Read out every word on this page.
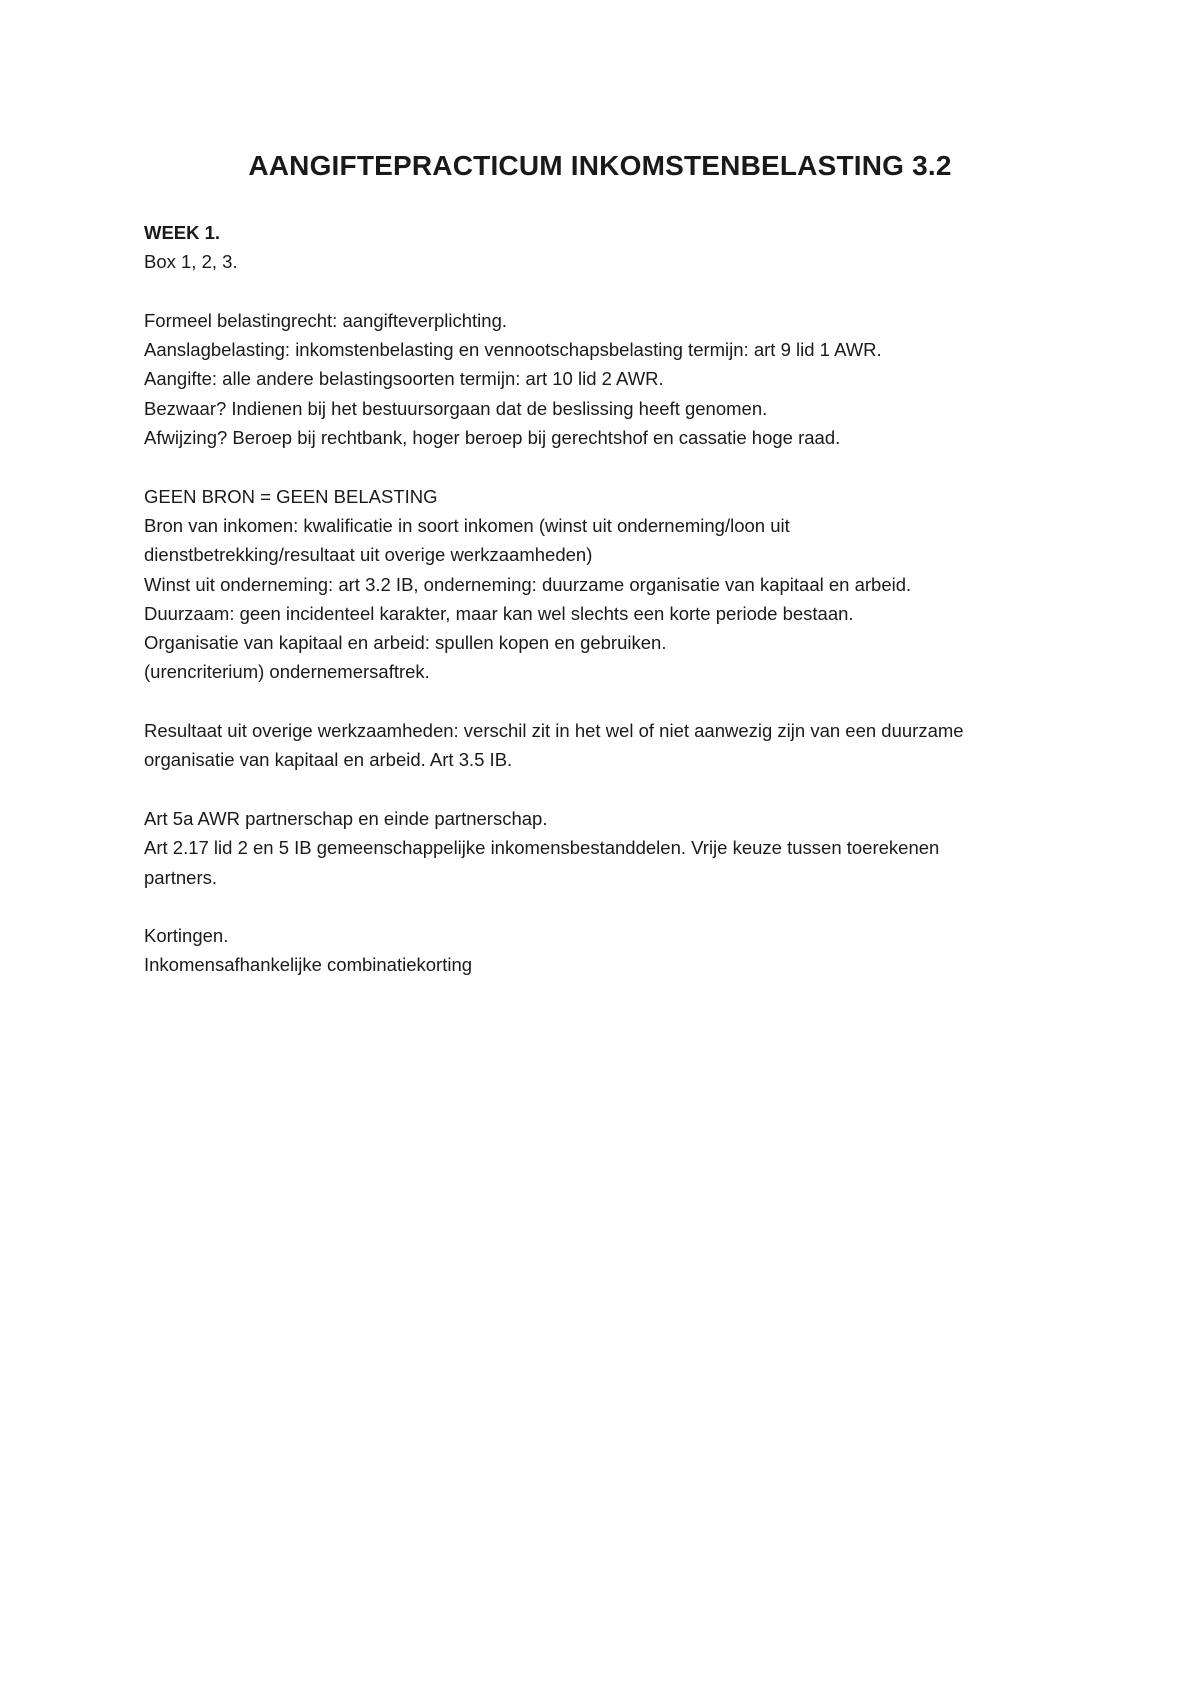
AANGIFTEPRACTICUM INKOMSTENBELASTING 3.2
WEEK 1.
Box 1, 2, 3.
Formeel belastingrecht: aangifteverplichting.
Aanslagbelasting: inkomstenbelasting en vennootschapsbelasting termijn: art 9 lid 1 AWR.
Aangifte: alle andere belastingsoorten termijn: art 10 lid 2 AWR.
Bezwaar? Indienen bij het bestuursorgaan dat de beslissing heeft genomen.
Afwijzing? Beroep bij rechtbank, hoger beroep bij gerechtshof en cassatie hoge raad.
GEEN BRON = GEEN BELASTING
Bron van inkomen: kwalificatie in soort inkomen (winst uit onderneming/loon uit
dienstbetrekking/resultaat uit overige werkzaamheden)
Winst uit onderneming: art 3.2 IB, onderneming: duurzame organisatie van kapitaal en arbeid.
Duurzaam: geen incidenteel karakter, maar kan wel slechts een korte periode bestaan.
Organisatie van kapitaal en arbeid: spullen kopen en gebruiken.
(urencriterium) ondernemersaftrek.
Resultaat uit overige werkzaamheden: verschil zit in het wel of niet aanwezig zijn van een duurzame
organisatie van kapitaal en arbeid. Art 3.5 IB.
Art 5a AWR partnerschap en einde partnerschap.
Art 2.17 lid 2 en 5 IB gemeenschappelijke inkomensbestanddelen. Vrije keuze tussen toerekenen
partners.
Kortingen.
Inkomensafhankelijke combinatiekorting
